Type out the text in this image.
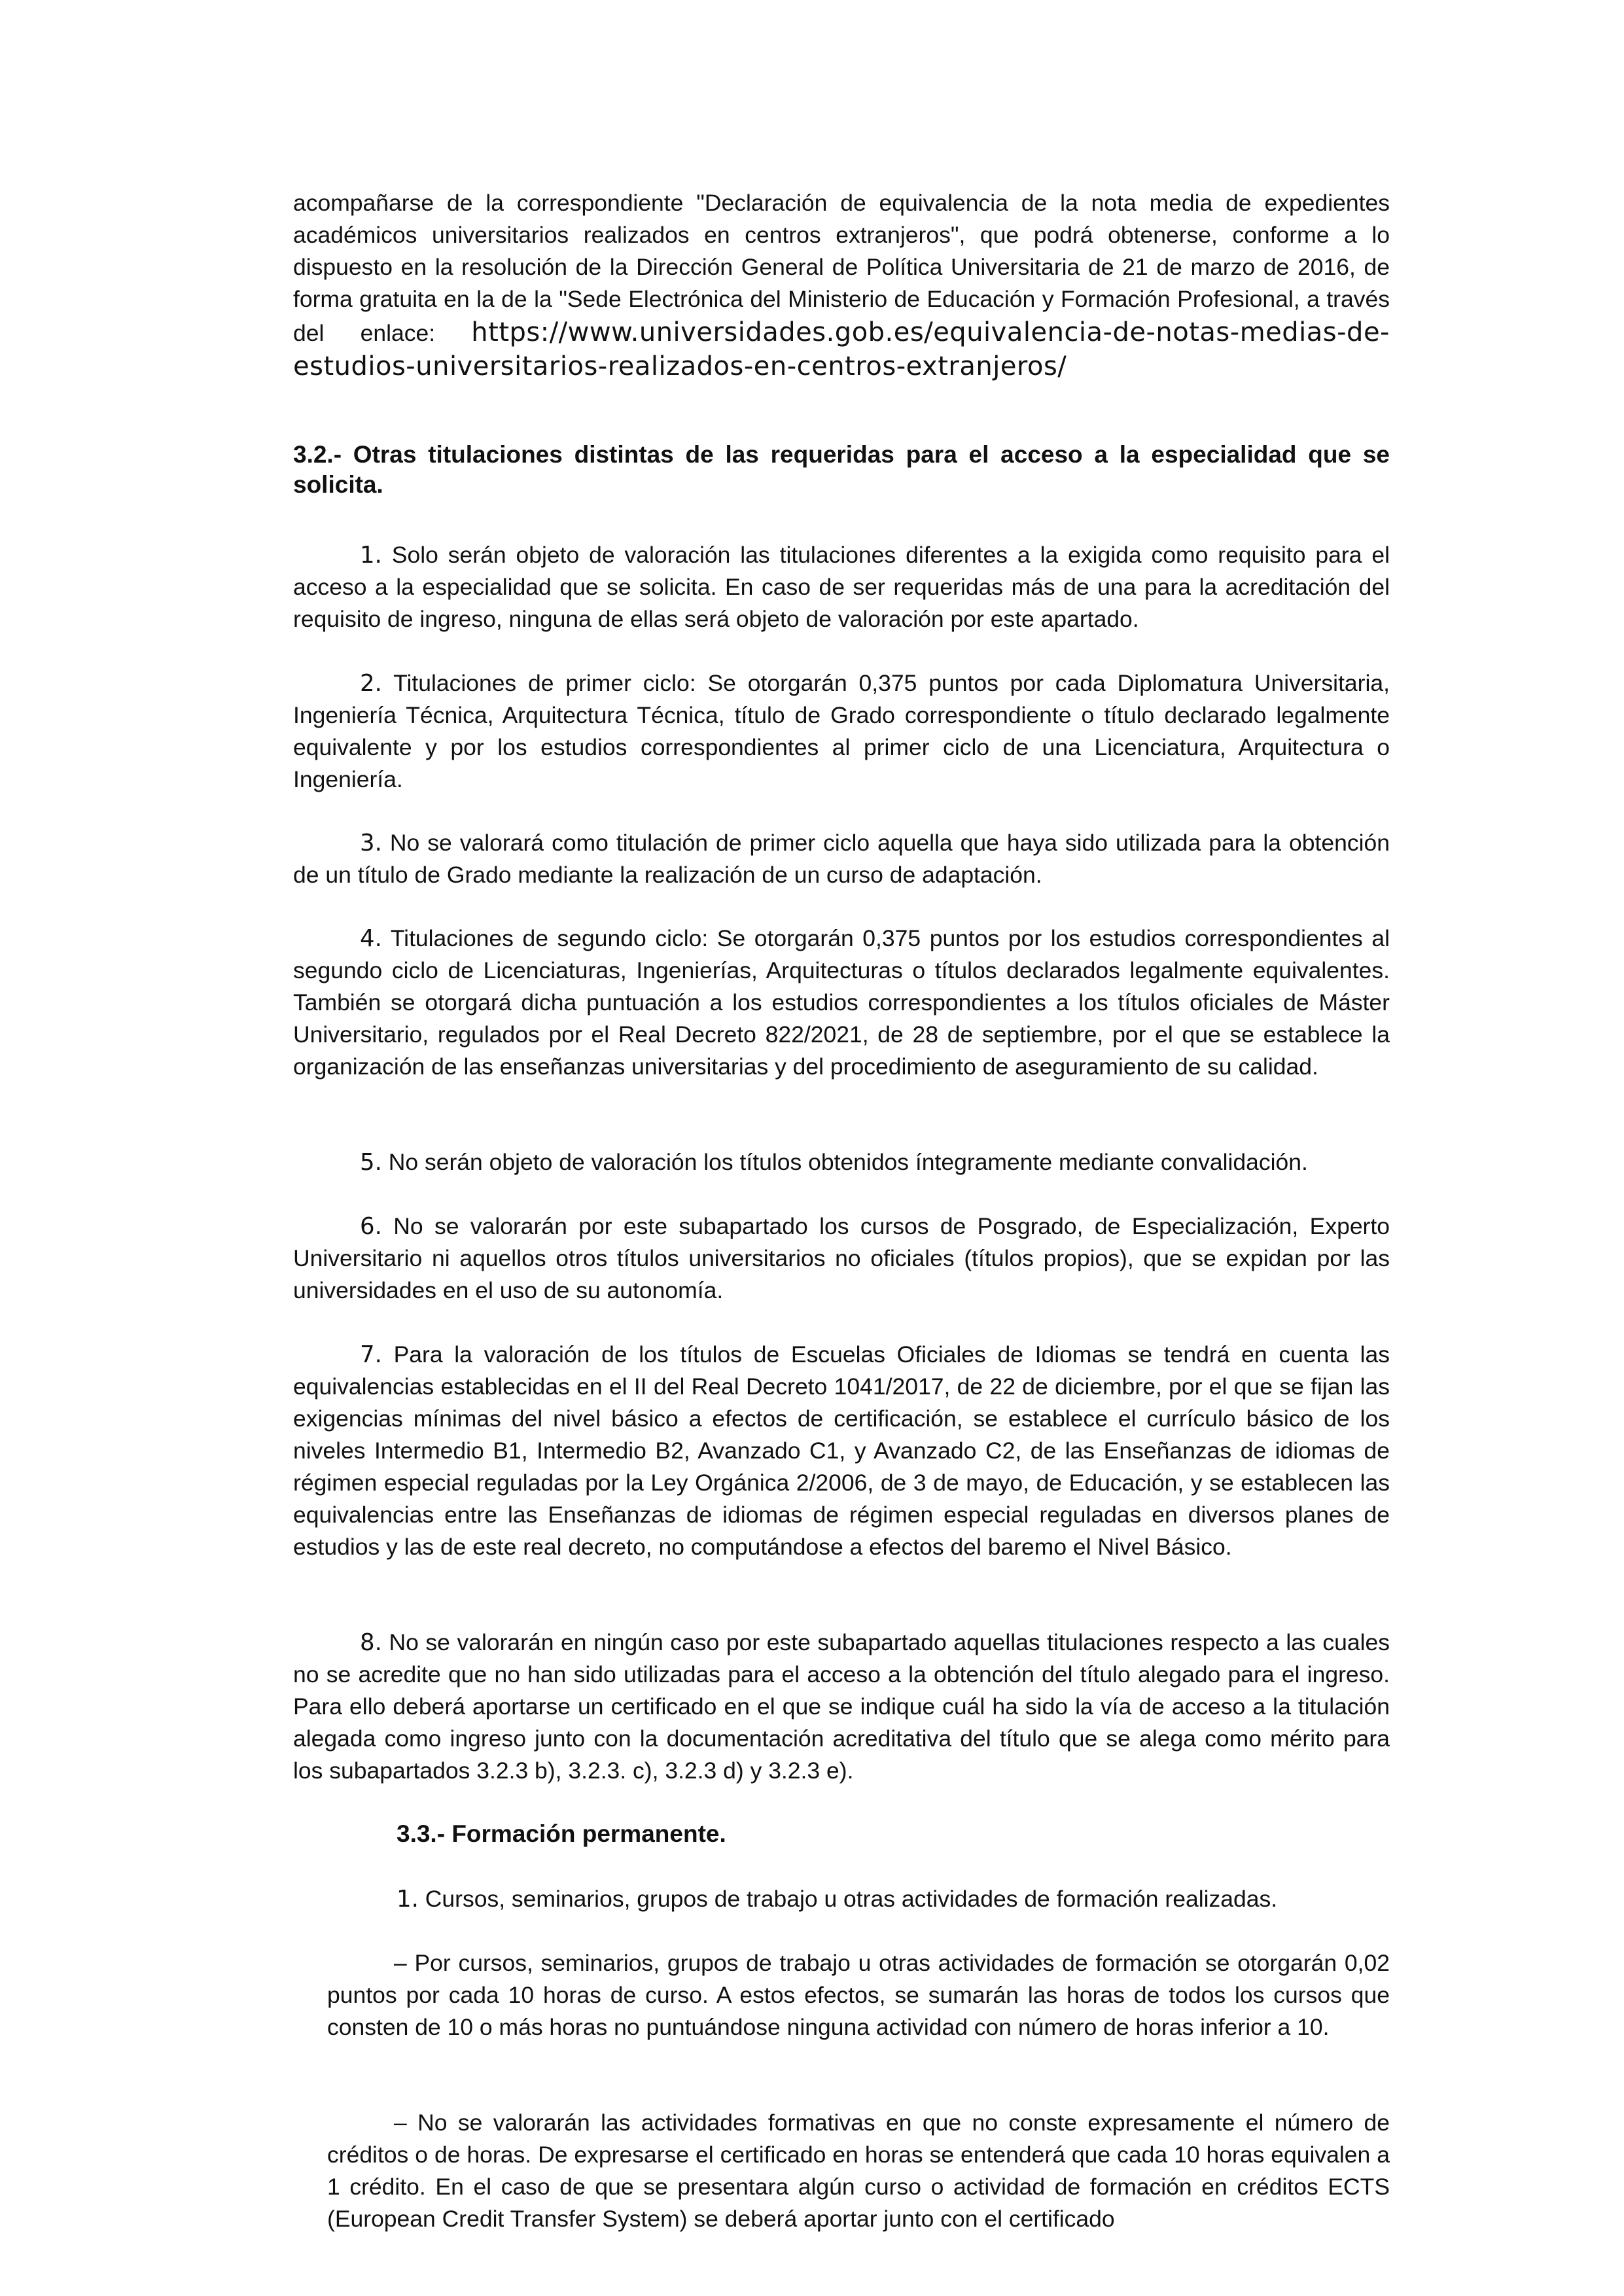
acompañarse de la correspondiente "Declaración de equivalencia de la nota media de expedientes académicos universitarios realizados en centros extranjeros", que podrá obtenerse, conforme a lo dispuesto en la resolución de la Dirección General de Política Universitaria de 21 de marzo de 2016, de forma gratuita en la de la "Sede Electrónica del Ministerio de Educación y Formación Profesional, a través del enlace: https://www.universidades.gob.es/equivalencia-de-notas-medias-de-estudios-universitarios-realizados-en-centros-extranjeros/

3.2.- Otras titulaciones distintas de las requeridas para el acceso a la especialidad que se solicita.

1. Solo serán objeto de valoración las titulaciones diferentes a la exigida como requisito para el acceso a la especialidad que se solicita. En caso de ser requeridas más de una para la acreditación del requisito de ingreso, ninguna de ellas será objeto de valoración por este apartado.

2. Titulaciones de primer ciclo: Se otorgarán 0,375 puntos por cada Diplomatura Universitaria, Ingeniería Técnica, Arquitectura Técnica, título de Grado correspondiente o título declarado legalmente equivalente y por los estudios correspondientes al primer ciclo de una Licenciatura, Arquitectura o Ingeniería.

3. No se valorará como titulación de primer ciclo aquella que haya sido utilizada para la obtención de un título de Grado mediante la realización de un curso de adaptación.

4. Titulaciones de segundo ciclo: Se otorgarán 0,375 puntos por los estudios correspondientes al segundo ciclo de Licenciaturas, Ingenierías, Arquitecturas o títulos declarados legalmente equivalentes. También se otorgará dicha puntuación a los estudios correspondientes a los títulos oficiales de Máster Universitario, regulados por el Real Decreto 822/2021, de 28 de septiembre, por el que se establece la organización de las enseñanzas universitarias y del procedimiento de aseguramiento de su calidad.

5. No serán objeto de valoración los títulos obtenidos íntegramente mediante convalidación.

6. No se valorarán por este subapartado los cursos de Posgrado, de Especialización, Experto Universitario ni aquellos otros títulos universitarios no oficiales (títulos propios), que se expidan por las universidades en el uso de su autonomía.

7. Para la valoración de los títulos de Escuelas Oficiales de Idiomas se tendrá en cuenta las equivalencias establecidas en el II del Real Decreto 1041/2017, de 22 de diciembre, por el que se fijan las exigencias mínimas del nivel básico a efectos de certificación, se establece el currículo básico de los niveles Intermedio B1, Intermedio B2, Avanzado C1, y Avanzado C2, de las Enseñanzas de idiomas de régimen especial reguladas por la Ley Orgánica 2/2006, de 3 de mayo, de Educación, y se establecen las equivalencias entre las Enseñanzas de idiomas de régimen especial reguladas en diversos planes de estudios y las de este real decreto, no computándose a efectos del baremo el Nivel Básico.

8. No se valorarán en ningún caso por este subapartado aquellas titulaciones respecto a las cuales no se acredite que no han sido utilizadas para el acceso a la obtención del título alegado para el ingreso. Para ello deberá aportarse un certificado en el que se indique cuál ha sido la vía de acceso a la titulación alegada como ingreso junto con la documentación acreditativa del título que se alega como mérito para los subapartados 3.2.3 b), 3.2.3. c), 3.2.3 d) y 3.2.3 e).

3.3.- Formación permanente.

1. Cursos, seminarios, grupos de trabajo u otras actividades de formación realizadas.

– Por cursos, seminarios, grupos de trabajo u otras actividades de formación se otorgarán 0,02 puntos por cada 10 horas de curso. A estos efectos, se sumarán las horas de todos los cursos que consten de 10 o más horas no puntuándose ninguna actividad con número de horas inferior a 10.

– No se valorarán las actividades formativas en que no conste expresamente el número de créditos o de horas. De expresarse el certificado en horas se entenderá que cada 10 horas equivalen a 1 crédito. En el caso de que se presentara algún curso o actividad de formación en créditos ECTS (European Credit Transfer System) se deberá aportar junto con el certificado
